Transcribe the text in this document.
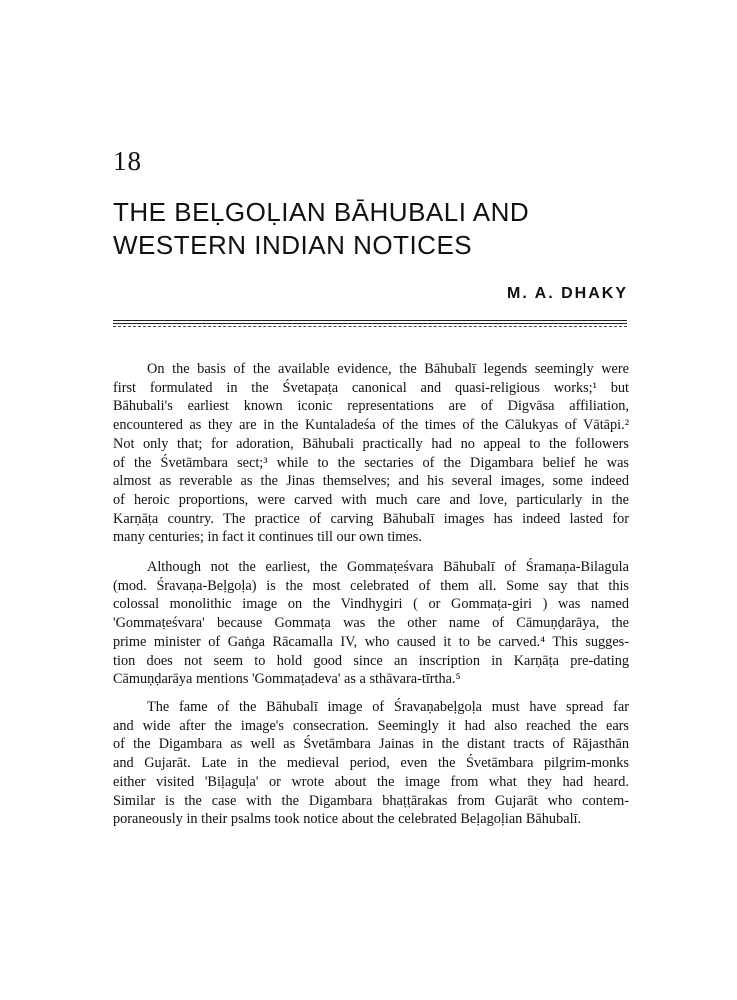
18
THE BEḶGOḶIAN BĀHUBALI AND
WESTERN INDIAN NOTICES
M. A. DHAKY

On the basis of the available evidence, the Bāhubalī legends seemingly were
first formulated in the Śvetapaṭa canonical and quasi-religious works;¹ but
Bāhubali's earliest known iconic representations are of Digvāsa affiliation,
encountered as they are in the Kuntaladeśa of the times of the Cālukyas of Vātāpi.²
Not only that; for adoration, Bāhubali practically had no appeal to the followers
of the Śvetāmbara sect;³ while to the sectaries of the Digambara belief he was
almost as reverable as the Jinas themselves; and his several images, some indeed
of heroic proportions, were carved with much care and love, particularly in the
Karṇāṭa country. The practice of carving Bāhubalī images has indeed lasted for
many centuries; in fact it continues till our own times.

Although not the earliest, the Gommaṭeśvara Bāhubalī of Śramaṇa-Bilagula
(mod. Śravaṇa-Beḷgoḷa) is the most celebrated of them all. Some say that this
colossal monolithic image on the Vindhygiri ( or Gommaṭa-giri ) was named
'Gommaṭeśvara' because Gommaṭa was the other name of Cāmuṇḍarāya, the
prime minister of Gaṅga Rācamalla IV, who caused it to be carved.⁴ This sugges-
tion does not seem to hold good since an inscription in Karṇāṭa pre-dating
Cāmuṇḍarāya mentions 'Gommaṭadeva' as a sthāvara-tīrtha.⁵

The fame of the Bāhubalī image of Śravaṇabeḷgoḷa must have spread far
and wide after the image's consecration. Seemingly it had also reached the ears
of the Digambara as well as Śvetāmbara Jainas in the distant tracts of Rājasthān
and Gujarāt. Late in the medieval period, even the Śvetāmbara pilgrim-monks
either visited 'Biḷaguḷa' or wrote about the image from what they had heard.
Similar is the case with the Digambara bhaṭṭārakas from Gujarāt who contem-
poraneously in their psalms took notice about the celebrated Beḷagoḷian Bāhubalī.
